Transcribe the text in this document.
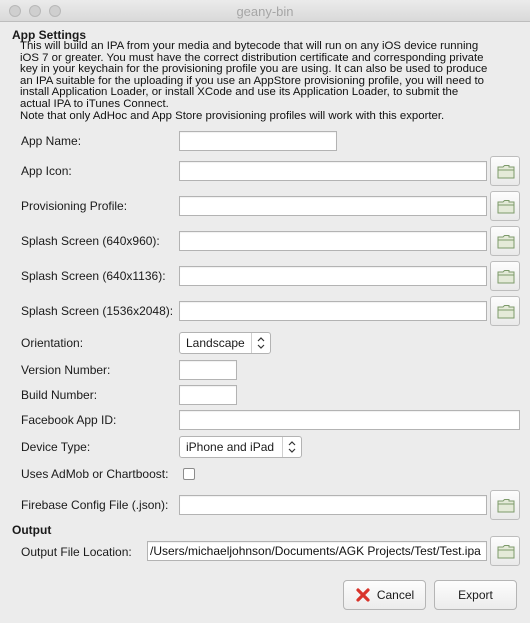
geany-bin
App Settings
This will build an IPA from your media and bytecode that will run on any iOS device running
iOS 7 or greater. You must have the correct distribution certificate and corresponding private
key in your keychain for the provisioning profile you are using. It can also be used to produce
an IPA suitable for the uploading if you use an AppStore provisioning profile, you will need to
install Application Loader, or install XCode and use its Application Loader, to submit the
actual IPA to iTunes Connect.
Note that only AdHoc and App Store provisioning profiles will work with this exporter.
App Name:
App Icon:
Provisioning Profile:
Splash Screen (640x960):
Splash Screen (640x1136):
Splash Screen (1536x2048):
Orientation:	Landscape
Version Number:
Build Number:
Facebook App ID:
Device Type:	iPhone and iPad
Uses AdMob or Chartboost:
Firebase Config File (.json):
Output
Output File Location: /Users/michaeljohnson/Documents/AGK Projects/Test/Test.ipa
Cancel	Export
